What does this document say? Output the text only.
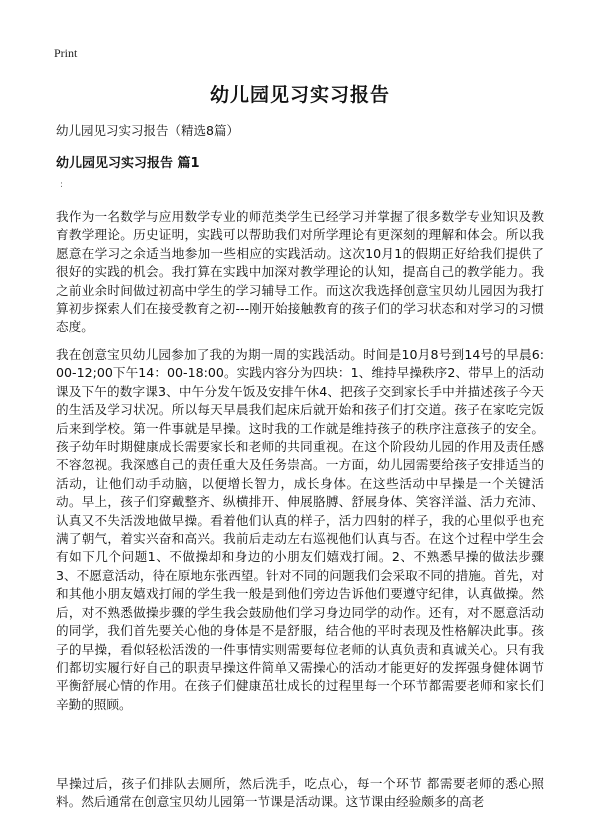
Print
幼儿园见习实习报告
幼儿园见习实习报告（精选8篇）
幼儿园见习实习报告 篇1
:

我作为一名数学与应用数学专业的师范类学生已经学习并掌握了很多数学专业知识及教育教学理论。历史证明，实践可以帮助我们对所学理论有更深刻的理解和体会。所以我愿意在学习之余适当地参加一些相应的实践活动。这次10月1的假期正好给我们提供了很好的实践的机会。我打算在实践中加深对教学理论的认知，提高自己的教学能力。我之前业余时间做过初高中学生的学习辅导工作。而这次我选择创意宝贝幼儿园因为我打算初步探索人们在接受教育之初---刚开始接触教育的孩子们的学习状态和对学习的习惯态度。

我在创意宝贝幼儿园参加了我的为期一周的实践活动。时间是10月8号到14号的早晨6:00-12;00下午14：00-18:00。实践内容分为四块：1、维持早操秩序2、带早上的活动课及下午的数字课3、中午分发午饭及安排午休4、把孩子交到家长手中并描述孩子今天的生活及学习状况。所以每天早晨我们起床后就开始和孩子们打交道。孩子在家吃完饭后来到学校。第一件事就是早操。这时我的工作就是维持孩子的秩序注意孩子的安全。孩子幼年时期健康成长需要家长和老师的共同重视。在这个阶段幼儿园的作用及责任感不容忽视。我深感自己的责任重大及任务崇高。一方面，幼儿园需要给孩子安排适当的活动，让他们动手动脑，以便增长智力，成长身体。在这些活动中早操是一个关键活动。早上，孩子们穿戴整齐、纵横排开、伸展胳膊、舒展身体、笑容洋溢、活力充沛、认真又不失活泼地做早操。看着他们认真的样子，活力四射的样子，我的心里似乎也充满了朝气，着实兴奋和高兴。我前后走动左右巡视他们认真与否。在这个过程中学生会有如下几个问题1、不做操却和身边的小朋友们嬉戏打闹。2、不熟悉早操的做法步骤3、不愿意活动，待在原地东张西望。针对不同的问题我们会采取不同的措施。首先，对和其他小朋友嬉戏打闹的学生我一般是到他们旁边告诉他们要遵守纪律，认真做操。然后，对不熟悉做操步骤的学生我会鼓励他们学习身边同学的动作。还有，对不愿意活动的同学，我们首先要关心他的身体是不是舒服，结合他的平时表现及性格解决此事。孩子的早操，看似轻松活泼的一件事情实则需要每位老师的认真负责和真诚关心。只有我们都切实履行好自己的职责早操这件简单又需操心的活动才能更好的发挥强身健体调节平衡舒展心情的作用。在孩子们健康茁壮成长的过程里每一个环节都需要老师和家长们辛勤的照顾。

早操过后，孩子们排队去厕所，然后洗手，吃点心，每一个环节 都需要老师的悉心照料。然后通常在创意宝贝幼儿园第一节课是活动课。这节课由经验颇多的高老
